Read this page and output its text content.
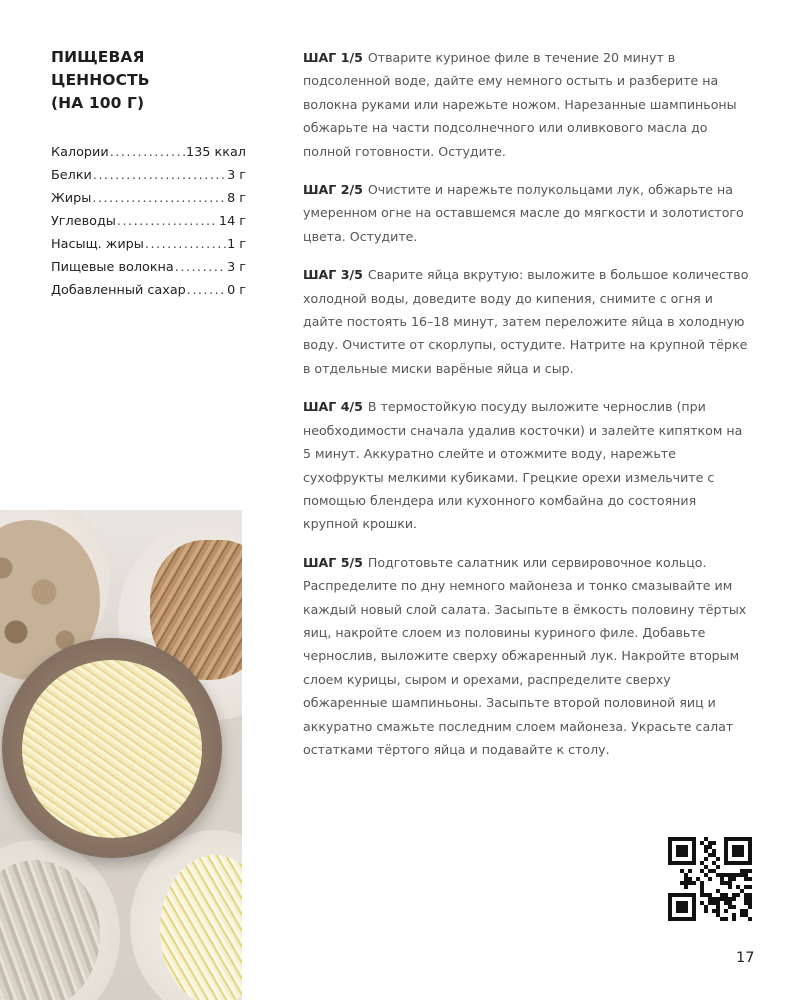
ПИЩЕВАЯ ЦЕННОСТЬ
(НА 100 Г)
Калории .....	135 ккал
Белки .....	3 г
Жиры .....	8 г
Углеводы .....	14 г
Насыщ. жиры .....	1 г
Пищевые волокна .....	3 г
Добавленный сахар .....	0 г

ШАГ 1/5 Отварите куриное филе в течение 20 минут в подсоленной воде, дайте ему немного остыть и разберите на волокна руками или нарежьте ножом. Нарезанные шампиньоны обжарьте на части подсолнечного или оливкового масла до полной готовности. Остудите.

ШАГ 2/5 Очистите и нарежьте полукольцами лук, обжарьте на умеренном огне на оставшемся масле до мягкости и золотистого цвета. Остудите.

ШАГ 3/5 Сварите яйца вкрутую: выложите в большое количество холодной воды, доведите воду до кипения, снимите с огня и дайте постоять 16–18 минут, затем переложите яйца в холодную воду. Очистите от скорлупы, остудите. Натрите на крупной тёрке в отдельные миски варёные яйца и сыр.

ШАГ 4/5 В термостойкую посуду выложите чернослив (при необходимости сначала удалив косточки) и залейте кипятком на 5 минут. Аккуратно слейте и отожмите воду, нарежьте сухофрукты мелкими кубиками. Грецкие орехи измельчите с помощью блендера или кухонного комбайна до состояния крупной крошки.

ШАГ 5/5 Подготовьте салатник или сервировочное кольцо. Распределите по дну немного майонеза и тонко смазывайте им каждый новый слой салата. Засыпьте в ёмкость половину тёртых яиц, накройте слоем из половины куриного филе. Добавьте чернослив, выложите сверху обжаренный лук. Накройте вторым слоем курицы, сыром и орехами, распределите сверху обжаренные шампиньоны. Засыпьте второй половиной яиц и аккуратно смажьте последним слоем майонеза. Украсьте салат остатками тёртого яйца и подавайте к столу.

17
